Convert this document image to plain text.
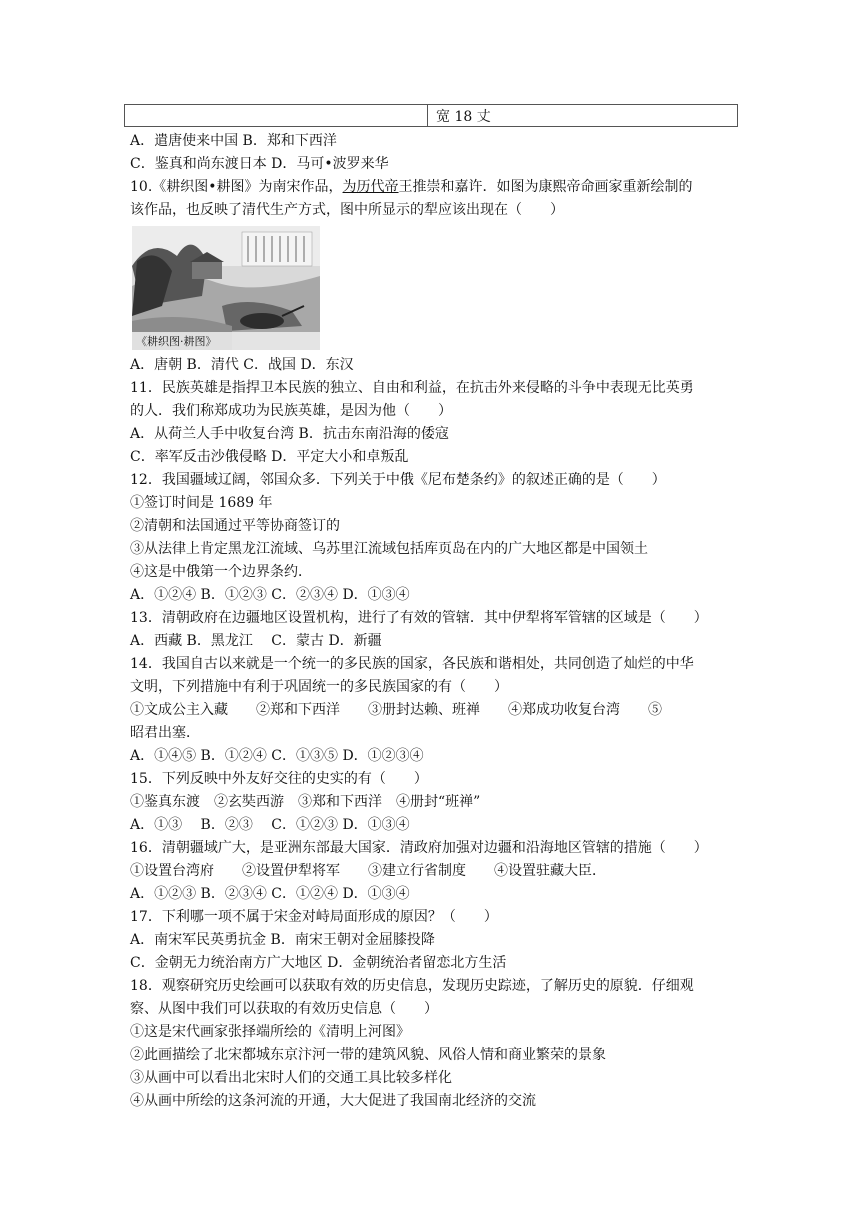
	宽 18 丈
A．遣唐使来中国 B．郑和下西洋
C．鉴真和尚东渡日本 D．马可•波罗来华
10.《耕织图•耕图》为南宋作品，为历代帝王推崇和嘉许．如图为康熙帝命画家重新绘制的
该作品，也反映了清代生产方式，图中所显示的犁应该出现在（　　）
《耕织图·耕图》
A．唐朝 B．清代 C．战国 D．东汉
11．民族英雄是指捍卫本民族的独立、自由和利益，在抗击外来侵略的斗争中表现无比英勇
的人．我们称郑成功为民族英雄，是因为他（　　）
A．从荷兰人手中收复台湾 B．抗击东南沿海的倭寇
C．率军反击沙俄侵略 D．平定大小和卓叛乱
12．我国疆域辽阔，邻国众多．下列关于中俄《尼布楚条约》的叙述正确的是（　　）
①签订时间是 1689 年
②清朝和法国通过平等协商签订的
③从法律上肯定黑龙江流域、乌苏里江流域包括库页岛在内的广大地区都是中国领土
④这是中俄第一个边界条约．
A．①②④ B．①②③ C．②③④ D．①③④
13．清朝政府在边疆地区设置机构，进行了有效的管辖．其中伊犁将军管辖的区域是（　　）
A．西藏 B．黑龙江　 C．蒙古 D．新疆
14．我国自古以来就是一个统一的多民族的国家，各民族和谐相处，共同创造了灿烂的中华
文明，下列措施中有利于巩固统一的多民族国家的有（　　）
①文成公主入藏　　②郑和下西洋　　③册封达赖、班禅　　④郑成功收复台湾　　⑤
昭君出塞．
A．①④⑤ B．①②④ C．①③⑤ D．①②③④
15．下列反映中外友好交往的史实的有（　　）
①鉴真东渡　②玄奘西游　③郑和下西洋　④册封“班禅”
A．①③　 B．②③　 C．①②③ D．①③④
16．清朝疆域广大，是亚洲东部最大国家．清政府加强对边疆和沿海地区管辖的措施（　　）
①设置台湾府　　②设置伊犁将军　　③建立行省制度　　④设置驻藏大臣．
A．①②③ B．②③④ C．①②④ D．①③④
17．下利哪一项不属于宋金对峙局面形成的原因？（　　）
A．南宋军民英勇抗金 B．南宋王朝对金屈膝投降
C．金朝无力统治南方广大地区 D．金朝统治者留恋北方生活
18．观察研究历史绘画可以获取有效的历史信息，发现历史踪迹，了解历史的原貌．仔细观
察、从图中我们可以获取的有效历史信息（　　）
①这是宋代画家张择端所绘的《清明上河图》
②此画描绘了北宋都城东京汴河一带的建筑风貌、风俗人情和商业繁荣的景象
③从画中可以看出北宋时人们的交通工具比较多样化
④从画中所绘的这条河流的开通，大大促进了我国南北经济的交流
